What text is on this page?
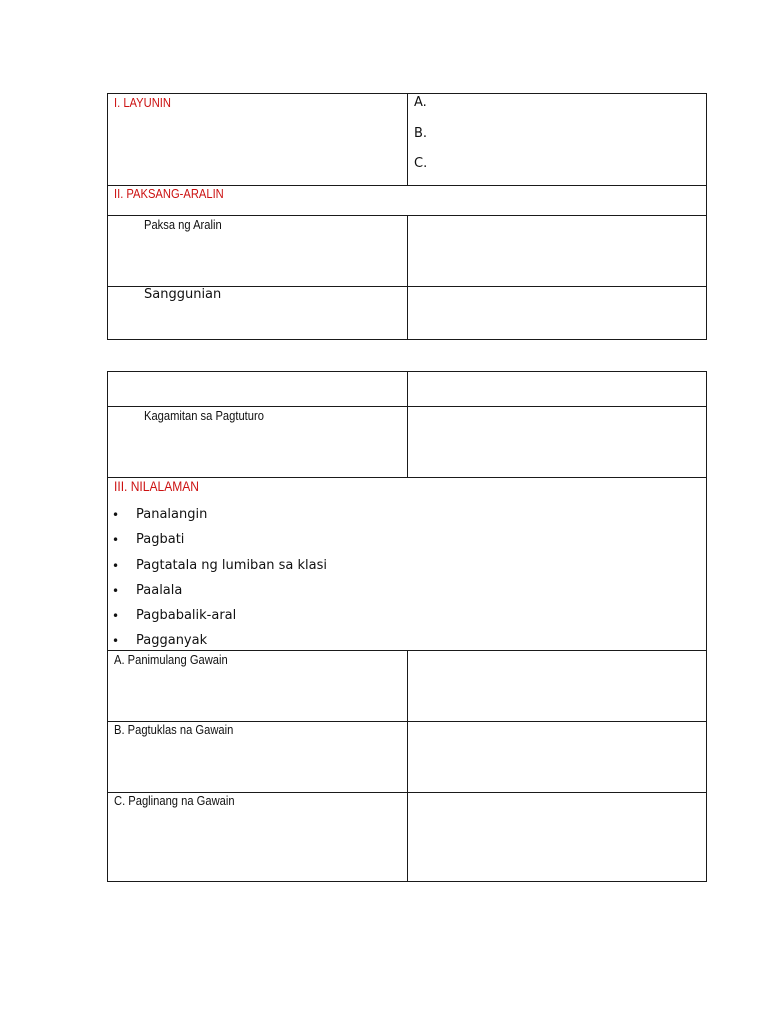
I. LAYUNIN	A.
B.
C.
II. PAKSANG-ARALIN
Paksa ng Aralin
Sanggunian
Kagamitan sa Pagtuturo
III. NILALAMAN
•	Panalangin
•	Pagbati
•	Pagtatala ng lumiban sa klasi
•	Paalala
•	Pagbabalik-aral
•	Pagganyak
A. Panimulang Gawain
B. Pagtuklas na Gawain
C. Paglinang na Gawain
